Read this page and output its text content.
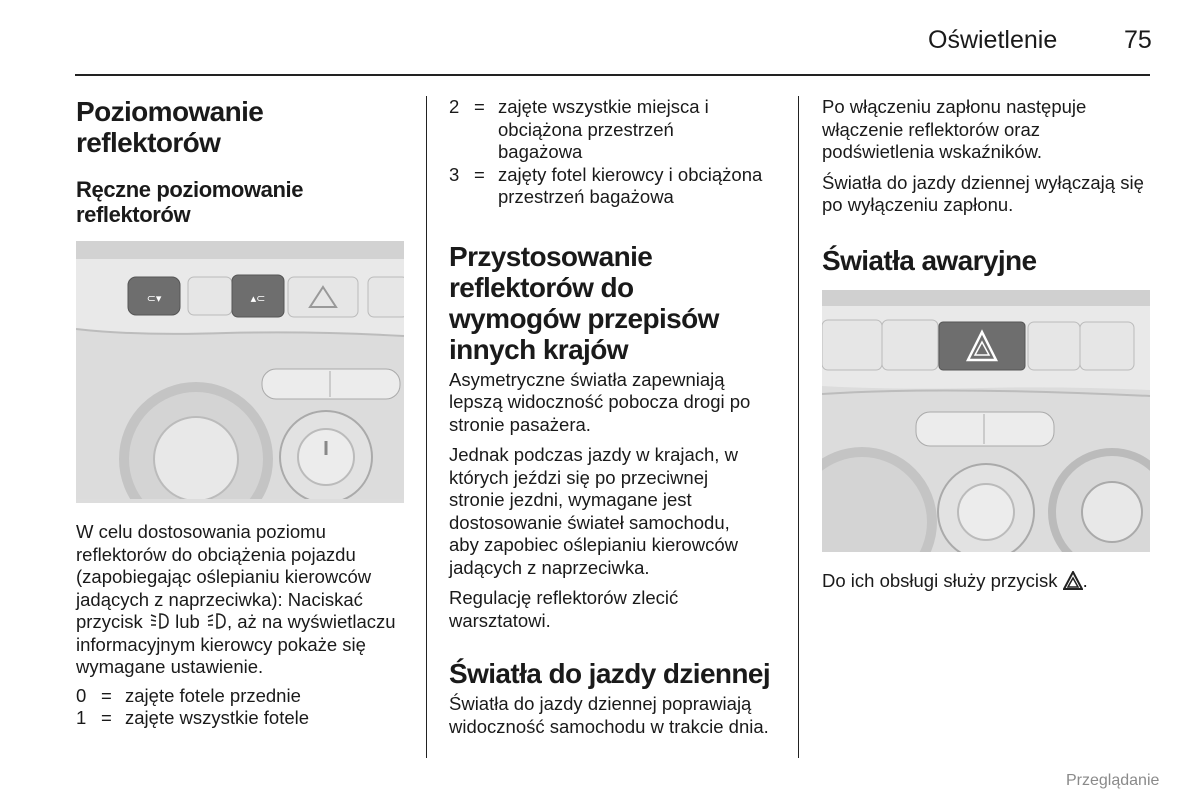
Oświetlenie	75
Poziomowanie reflektorów
Ręczne poziomowanie reflektorów
⊂▾	▴⊂

W celu dostosowania poziomu reflektorów do obciążenia pojazdu (zapobiegając oślepianiu kierowców jadących z naprzeciwka): Naciskać przycisk lub , aż na wyświetlaczu informacyjnym kierowcy pokaże się wymagane ustawienie.

0 = zajęte fotele przednie
1 = zajęte wszystkie fotele
2 = zajęte wszystkie miejsca i obciążona przestrzeń bagażowa
3 = zajęty fotel kierowcy i obciążona przestrzeń bagażowa
Przystosowanie reflektorów do wymogów przepisów innych krajów

Asymetryczne światła zapewniają lepszą widoczność pobocza drogi po stronie pasażera.

Jednak podczas jazdy w krajach, w których jeździ się po przeciwnej stronie jezdni, wymagane jest dostosowanie świateł samochodu, aby zapobiec oślepianiu kierowców jadących z naprzeciwka.

Regulację reflektorów zlecić warsztatowi.

Światła do jazdy dziennej

Światła do jazdy dziennej poprawiają widoczność samochodu w trakcie dnia.

Po włączeniu zapłonu następuje włączenie reflektorów oraz podświetlenia wskaźników.

Światła do jazdy dziennej wyłączają się po wyłączeniu zapłonu.

Światła awaryjne

Do ich obsługi służy przycisk .

Przeglądanie
